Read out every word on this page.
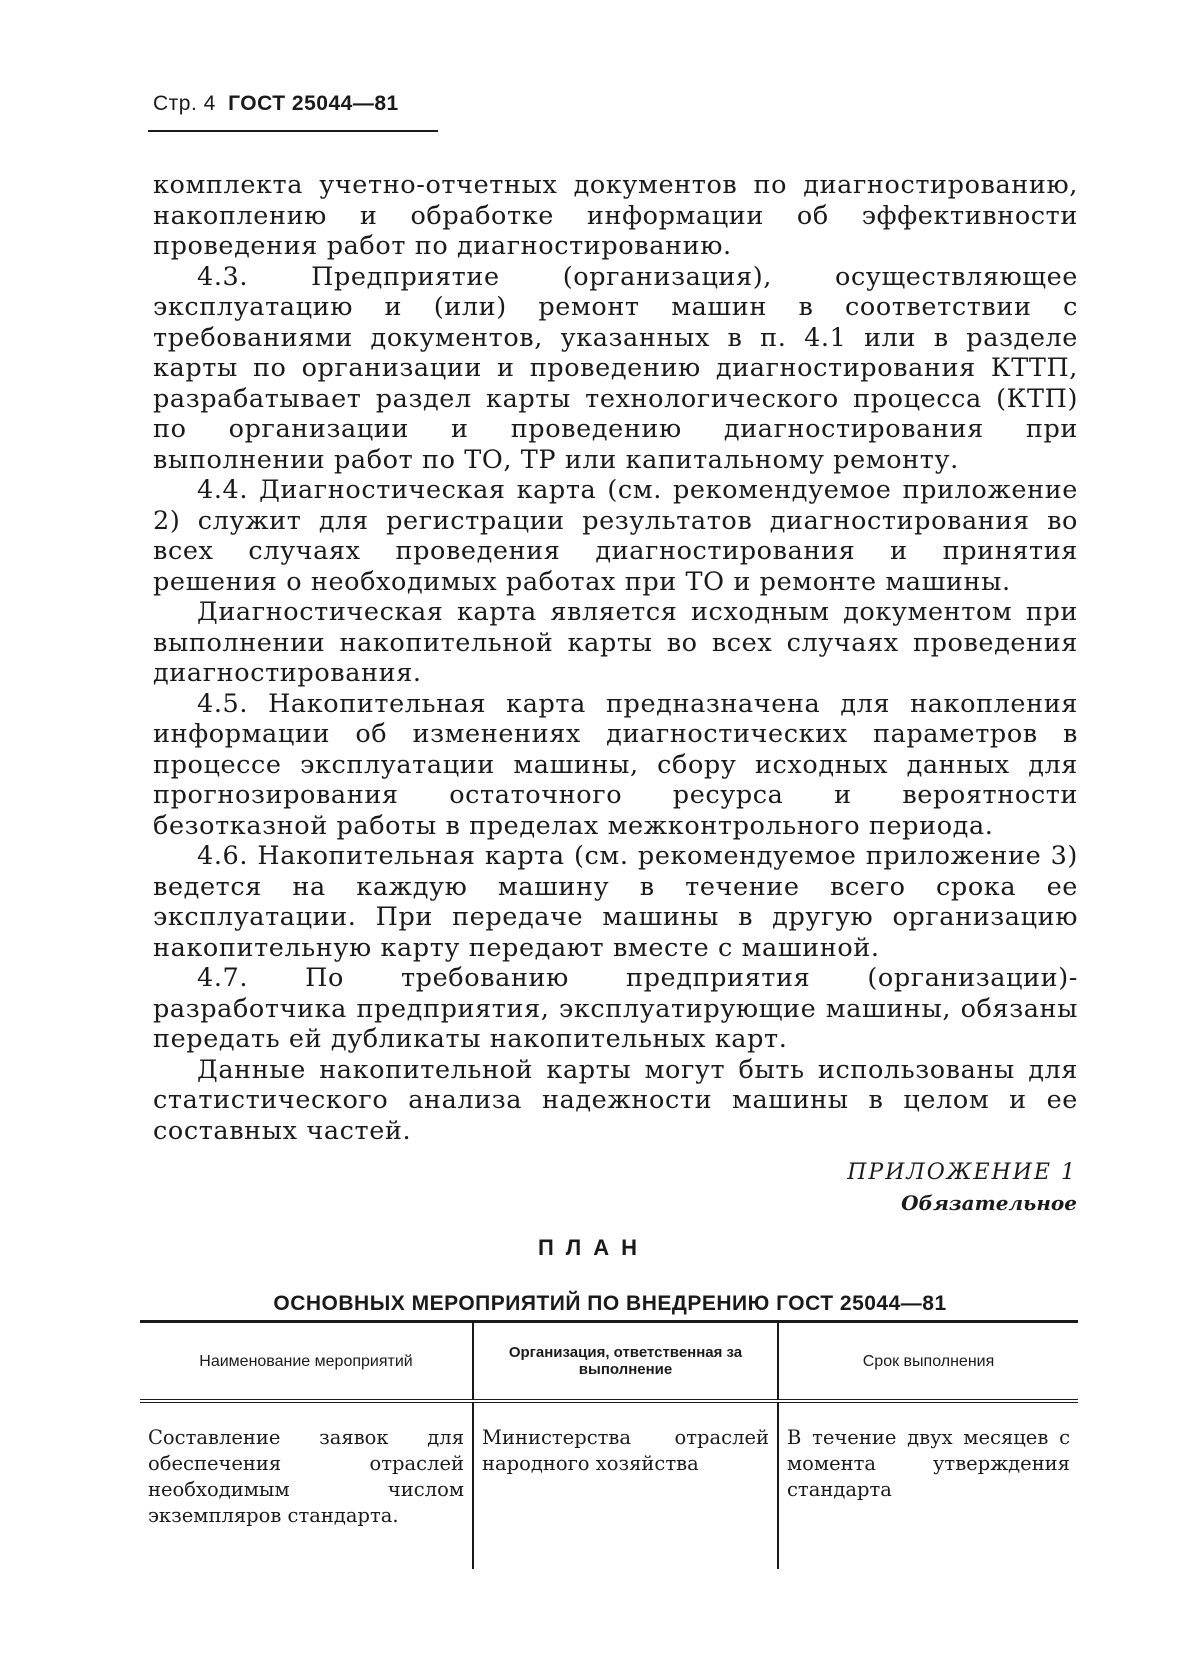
Стр. 4 ГОСТ 25044—81

комплекта учетно-отчетных документов по диагностированию, накоплению и обработке информации об эффективности проведения работ по диагностированию.

4.3. Предприятие (организация), осуществляющее эксплуатацию и (или) ремонт машин в соответствии с требованиями документов, указанных в п. 4.1 или в разделе карты по организации и проведению диагностирования КТТП, разрабатывает раздел карты технологического процесса (КТП) по организации и проведению диагностирования при выполнении работ по ТО, ТР или капитальному ремонту.

4.4. Диагностическая карта (см. рекомендуемое приложение 2) служит для регистрации результатов диагностирования во всех случаях проведения диагностирования и принятия решения о необходимых работах при ТО и ремонте машины.

Диагностическая карта является исходным документом при выполнении накопительной карты во всех случаях проведения диагностирования.

4.5. Накопительная карта предназначена для накопления информации об изменениях диагностических параметров в процессе эксплуатации машины, сбору исходных данных для прогнозирования остаточного ресурса и вероятности безотказной работы в пределах межконтрольного периода.

4.6. Накопительная карта (см. рекомендуемое приложение 3) ведется на каждую машину в течение всего срока ее эксплуатации. При передаче машины в другую организацию накопительную карту передают вместе с машиной.

4.7. По требованию предприятия (организации)-разработчика предприятия, эксплуатирующие машины, обязаны передать ей дубликаты накопительных карт.

Данные накопительной карты могут быть использованы для статистического анализа надежности машины в целом и ее составных частей.

ПРИЛОЖЕНИЕ 1
Обязательное
ПЛАН
ОСНОВНЫХ МЕРОПРИЯТИЙ ПО ВНЕДРЕНИЮ ГОСТ 25044—81
Наименование мероприятий	Организация, ответственная за выполнение	Срок выполнения
Составление заявок для обеспечения отраслей необходимым числом экземпляров стандарта.	Министерства отраслей народного хозяйства	В течение двух месяцев с момента утверждения стандарта
